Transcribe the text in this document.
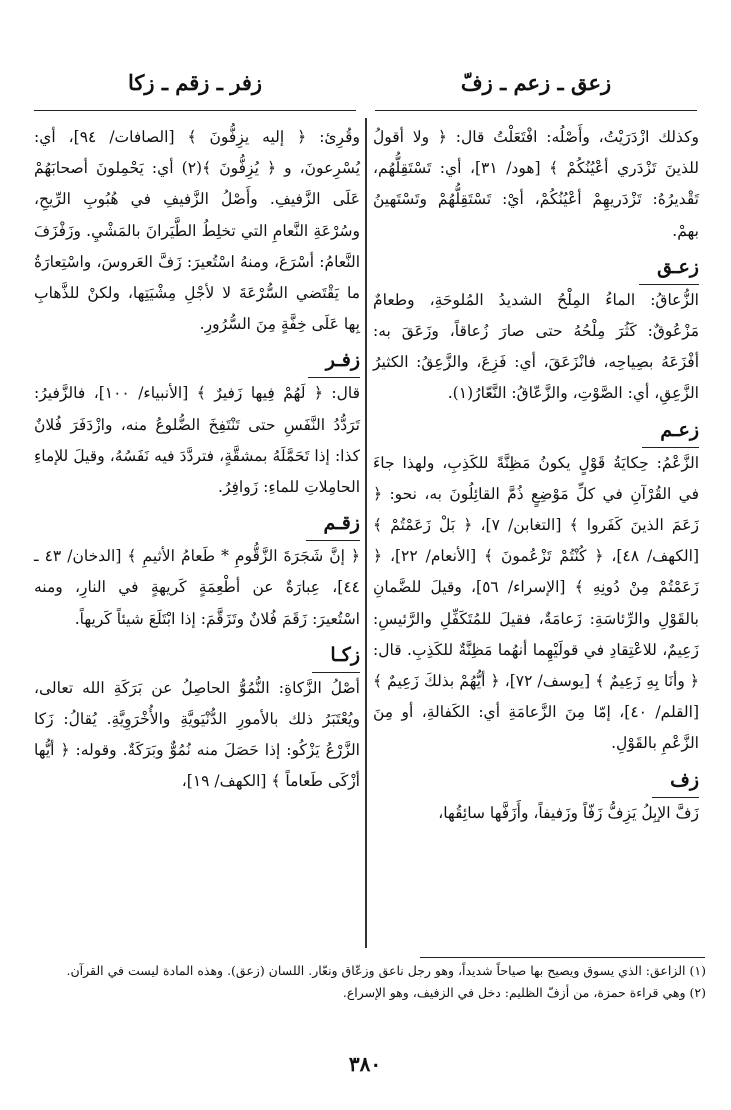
زعق ـ زعم ـ زفّ
زفر ـ زقم ـ زكا

وكذلك ازْدَرَيْتُ، وأَصْلُه: افْتَعَلْتُ قال: ﴿ ولا أقولُ للذينَ تَزْدَري أعْيُنُكُمْ ﴾ [هود/ ٣١]، أي: تَسْتَقِلُّهُم، تَقْديرُهُ: تَزْدَريهِمْ أعْيُنُكُمْ، أيْ: تَسْتَقِلُّهُمْ وتَسْتَهينُ بهمْ.

زعـق

الزُّعاقُ: الماءُ المِلْحُ الشديدُ المُلوحَةِ، وطعامٌ مَزْعُوقٌ: كَثُرَ مِلْحُهُ حتى صارَ زُعاقاً، وزَعَقَ به: أفْزَعَهُ بصِياحِه، فانْزَعَقَ، أي: فَزِعَ، والزَّعِقُ: الكثيرُ الزَّعِقِ، أي: الصَّوْتِ، والزَّعّاقُ: النَّعّارُ(١).

زعـم

الزَّعْمُ: حِكايَةُ قَوْلٍ يكونُ مَظِنَّةً للكَذِبِ، ولهذا جاءَ في القُرْآنِ في كلِّ مَوْضِعٍ ذُمَّ القائِلُونَ به، نحو: ﴿ زَعَمَ الذينَ كَفَروا ﴾ [التغابن/ ٧]، ﴿ بَلْ زَعَمْتُمْ ﴾ [الكهف/ ٤٨]، ﴿ كُنْتُمْ تَزْعُمونَ ﴾ [الأنعام/ ٢٢]، ﴿ زَعَمْتُمْ مِنْ دُونِهِ ﴾ [الإسراء/ ٥٦]، وقيلَ للضَّمانِ بالقَوْلِ والرِّئاسَةِ: زَعامَةٌ، فقيلَ للمُتَكَفِّلِ والرَّئيسِ: زَعِيمٌ، للاعْتِقادِ في قولَيْهِما أنهُما مَظِنَّةٌ للكَذِبِ. قال: ﴿ وأنَا بِهِ زَعِيمٌ ﴾ [يوسف/ ٧٢]، ﴿ أيُّهُمْ بذلكَ زَعِيمٌ ﴾ [القلم/ ٤٠]، إمّا مِنَ الزَّعامَةِ أي: الكَفالةِ، أو مِنَ الزَّعْمِ بالقَوْلِ.

زف

زَفَّ الإبِلُ يَزِفُّ زَفّاً وزَفيفاً، وأَزَفَّها سائِقُها،

وقُرِئ: ﴿ إليه يزِفُّونَ ﴾ [الصافات/ ٩٤]، أي: يُسْرِعونَ، و ﴿ يُزِفُّونَ ﴾(٢) أي: يَحْمِلونَ أصحابَهُمْ عَلَى الزَّفيفِ. وأَصْلُ الزَّفيفِ في هُبُوبِ الرِّيحِ، وسُرْعَةِ النَّعامِ التي تخلِطُ الطَّيَرانَ بالمَشْيِ. وزَفْزَفَ النَّعامُ: أسْرَعَ، ومنهُ اسْتُعيرَ: زَفَّ العَروسَ، واسْتِعارَةُ ما يَقْتَضي السُّرْعَةَ لا لأجْلِ مِشْيَتِها، ولكنْ للذَّهابِ بِها عَلَى خِفَّةٍ مِنَ السُّرُورِ.

زفـر

قال: ﴿ لَهُمْ فِيها زَفيرٌ ﴾ [الأنبياء/ ١٠٠]، فالزَّفيرُ: تَرَدُّدُ النَّفَسِ حتى تَنْتَفِخَ الضُّلوعُ منه، وازْدَفَرَ فُلانٌ كذا: إذا تَحَمَّلَهُ بمشقَّةٍ، فتردَّدَ فيه نَفَسُهُ، وقيلَ للإماءِ الحامِلاتِ للماءِ: زَوافِرُ.

زقـم

﴿ إنَّ شَجَرَةَ الزَّقُّومِ * طَعامُ الأثيمِ ﴾ [الدخان/ ٤٣ ـ ٤٤]، عِبارَةٌ عن أطْعِمَةٍ كَريهةٍ في النارِ، ومنه اسْتُعيرَ: زَقَمَ فُلانٌ وتَزَقَّمَ: إذا ابْتَلَعَ شيئاً كَريهاً.

زكـا

أصْلُ الزَّكاةِ: النُّمُوُّ الحاصِلُ عن بَرَكَةِ الله تعالى، ويُعْتَبَرُ ذلك بالأمورِ الدُّنْيَويَّةِ والأُخْرَوِيَّةِ. يُقالُ: زَكا الزَّرْعُ يَزْكُو: إذا حَصَلَ منه نُمُوٌّ وبَرَكَةٌ. وقوله: ﴿ أيُّها أزْكَى طَعاماً ﴾ [الكهف/ ١٩]،

(١) الزاعق: الذي يسوق ويصيح بها صياحاً شديداً، وهو رجل ناعق وزعّاق ونعّار. اللسان (زعق). وهذه المادة ليست في القرآن.

(٢) وهي قراءة حمزة، من أزفّ الظليم: دخل في الزفيف، وهو الإسراع.

٣٨٠
